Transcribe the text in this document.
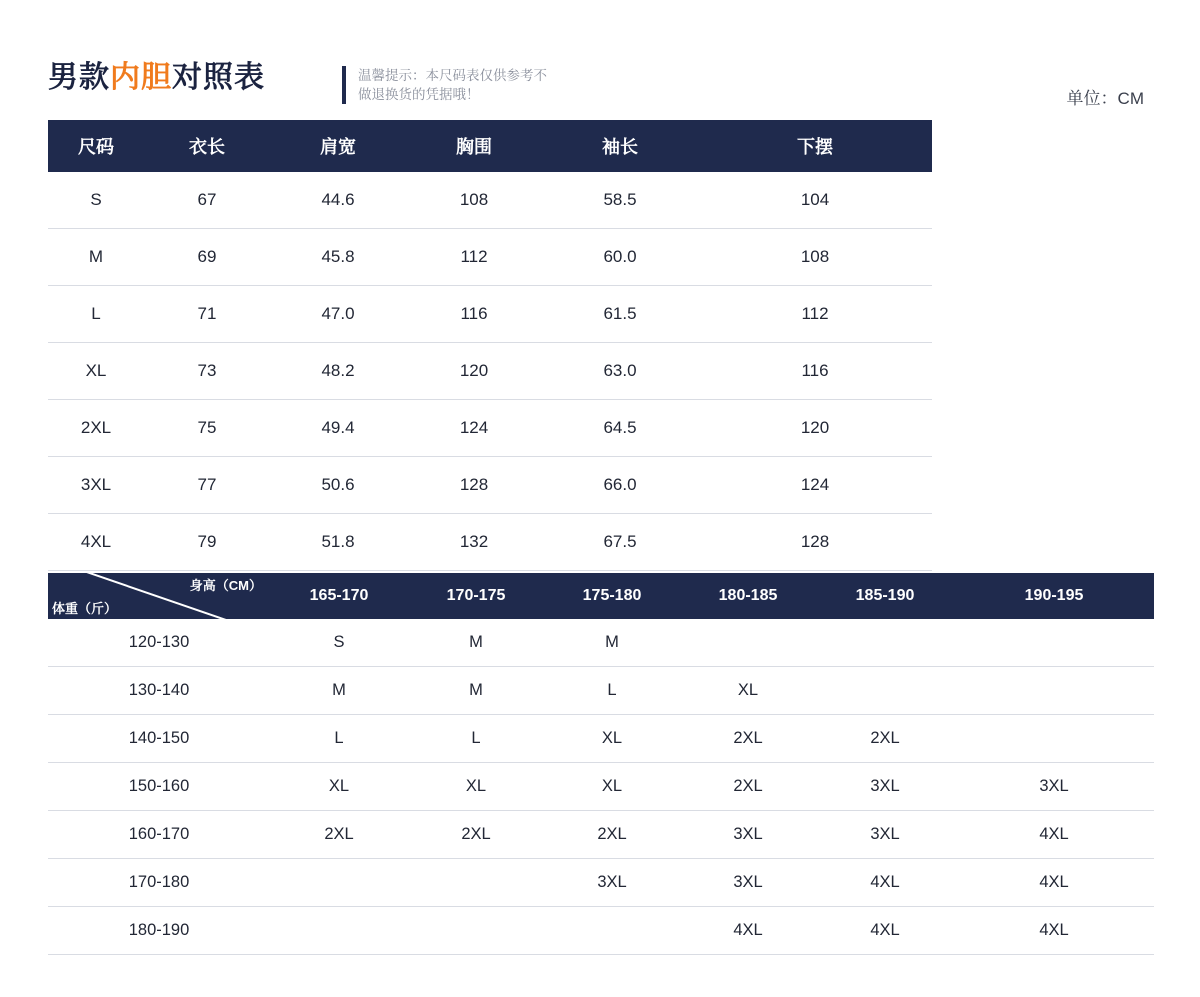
男款内胆对照表	温馨提示：本尺码表仅供参考不
做退换货的凭据哦！	单位：CM
尺码	衣长	肩宽	胸围	袖长	下摆
S	67	44.6	108	58.5	104
M	69	45.8	112	60.0	108
L	71	47.0	116	61.5	112
XL	73	48.2	120	63.0	116
2XL	75	49.4	124	64.5	120
3XL	77	50.6	128	66.0	124
4XL	79	51.8	132	67.5	128
身高（CM）
体重（斤）	165-170	170-175	175-180	180-185	185-190	190-195
120-130	S	M	M			
130-140	M	M	L	XL		
140-150	L	L	XL	2XL	2XL	
150-160	XL	XL	XL	2XL	3XL	3XL
160-170	2XL	2XL	2XL	3XL	3XL	4XL
170-180			3XL	3XL	4XL	4XL
180-190				4XL	4XL	4XL
